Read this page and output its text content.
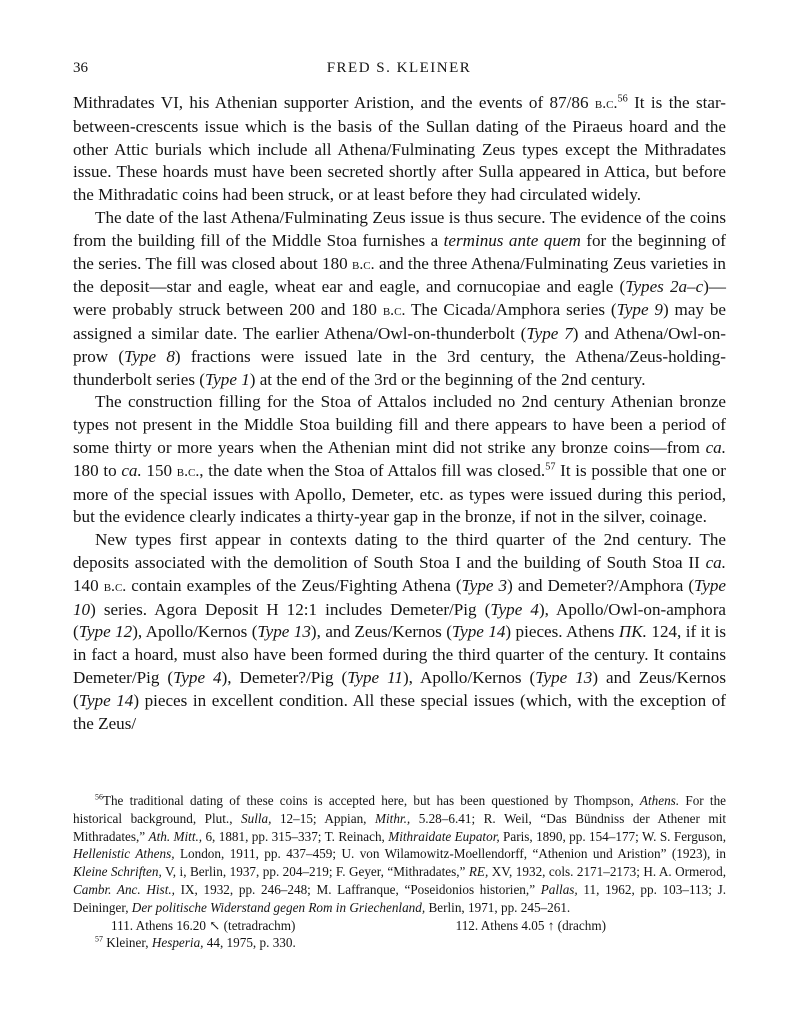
36	FRED S. KLEINER

Mithradates VI, his Athenian supporter Aristion, and the events of 87/86 b.c.$^{56}$ It is the star-between-crescents issue which is the basis of the Sullan dating of the Piraeus hoard and the other Attic burials which include all Athena/Fulminating Zeus types except the Mithradates issue. These hoards must have been secreted shortly after Sulla appeared in Attica, but before the Mithradatic coins had been struck, or at least before they had circulated widely.

The date of the last Athena/Fulminating Zeus issue is thus secure. The evidence of the coins from the building fill of the Middle Stoa furnishes a terminus ante quem for the beginning of the series. The fill was closed about 180 b.c. and the three Athena/Fulminating Zeus varieties in the deposit—star and eagle, wheat ear and eagle, and cornucopiae and eagle (Types 2a–c)—were probably struck between 200 and 180 b.c. The Cicada/Amphora series (Type 9) may be assigned a similar date. The earlier Athena/Owl-on-thunderbolt (Type 7) and Athena/Owl-on-prow (Type 8) fractions were issued late in the 3rd century, the Athena/Zeus-holding-thunderbolt series (Type 1) at the end of the 3rd or the beginning of the 2nd century.

The construction filling for the Stoa of Attalos included no 2nd century Athenian bronze types not present in the Middle Stoa building fill and there appears to have been a period of some thirty or more years when the Athenian mint did not strike any bronze coins—from ca. 180 to ca. 150 b.c., the date when the Stoa of Attalos fill was closed.$^{57}$ It is possible that one or more of the special issues with Apollo, Demeter, etc. as types were issued during this period, but the evidence clearly indicates a thirty-year gap in the bronze, if not in the silver, coinage.

New types first appear in contexts dating to the third quarter of the 2nd century. The deposits associated with the demolition of South Stoa I and the building of South Stoa II ca. 140 b.c. contain examples of the Zeus/Fighting Athena (Type 3) and Demeter?/Amphora (Type 10) series. Agora Deposit H 12:1 includes Demeter/Pig (Type 4), Apollo/Owl-on-amphora (Type 12), Apollo/Kernos (Type 13), and Zeus/Kernos (Type 14) pieces. Athens ΠΚ. 124, if it is in fact a hoard, must also have been formed during the third quarter of the century. It contains Demeter/Pig (Type 4), Demeter?/Pig (Type 11), Apollo/Kernos (Type 13) and Zeus/Kernos (Type 14) pieces in excellent condition. All these special issues (which, with the exception of the Zeus/

$^{56}$The traditional dating of these coins is accepted here, but has been questioned by Thompson, Athens. For the historical background, Plut., Sulla, 12–15; Appian, Mithr., 5.28–6.41; R. Weil, “Das Bündniss der Athener mit Mithradates,” Ath. Mitt., 6, 1881, pp. 315–337; T. Reinach, Mithraidate Eupator, Paris, 1890, pp. 154–177; W. S. Ferguson, Hellenistic Athens, London, 1911, pp. 437–459; U. von Wilamowitz-Moellendorff, “Athenion und Aristion” (1923), in Kleine Schriften, V, i, Berlin, 1937, pp. 204–219; F. Geyer, “Mithradates,” RE, XV, 1932, cols. 2171–2173; H. A. Ormerod, Cambr. Anc. Hist., IX, 1932, pp. 246–248; M. Laffranque, “Poseidonios historien,” Pallas, 11, 1962, pp. 103–113; J. Deininger, Der politische Widerstand gegen Rom in Griechenland, Berlin, 1971, pp. 245–261.

111. Athens 16.20 ↖ (tetradrachm)	112. Athens 4.05 ↑ (drachm)

$^{57}$ Kleiner, Hesperia, 44, 1975, p. 330.
